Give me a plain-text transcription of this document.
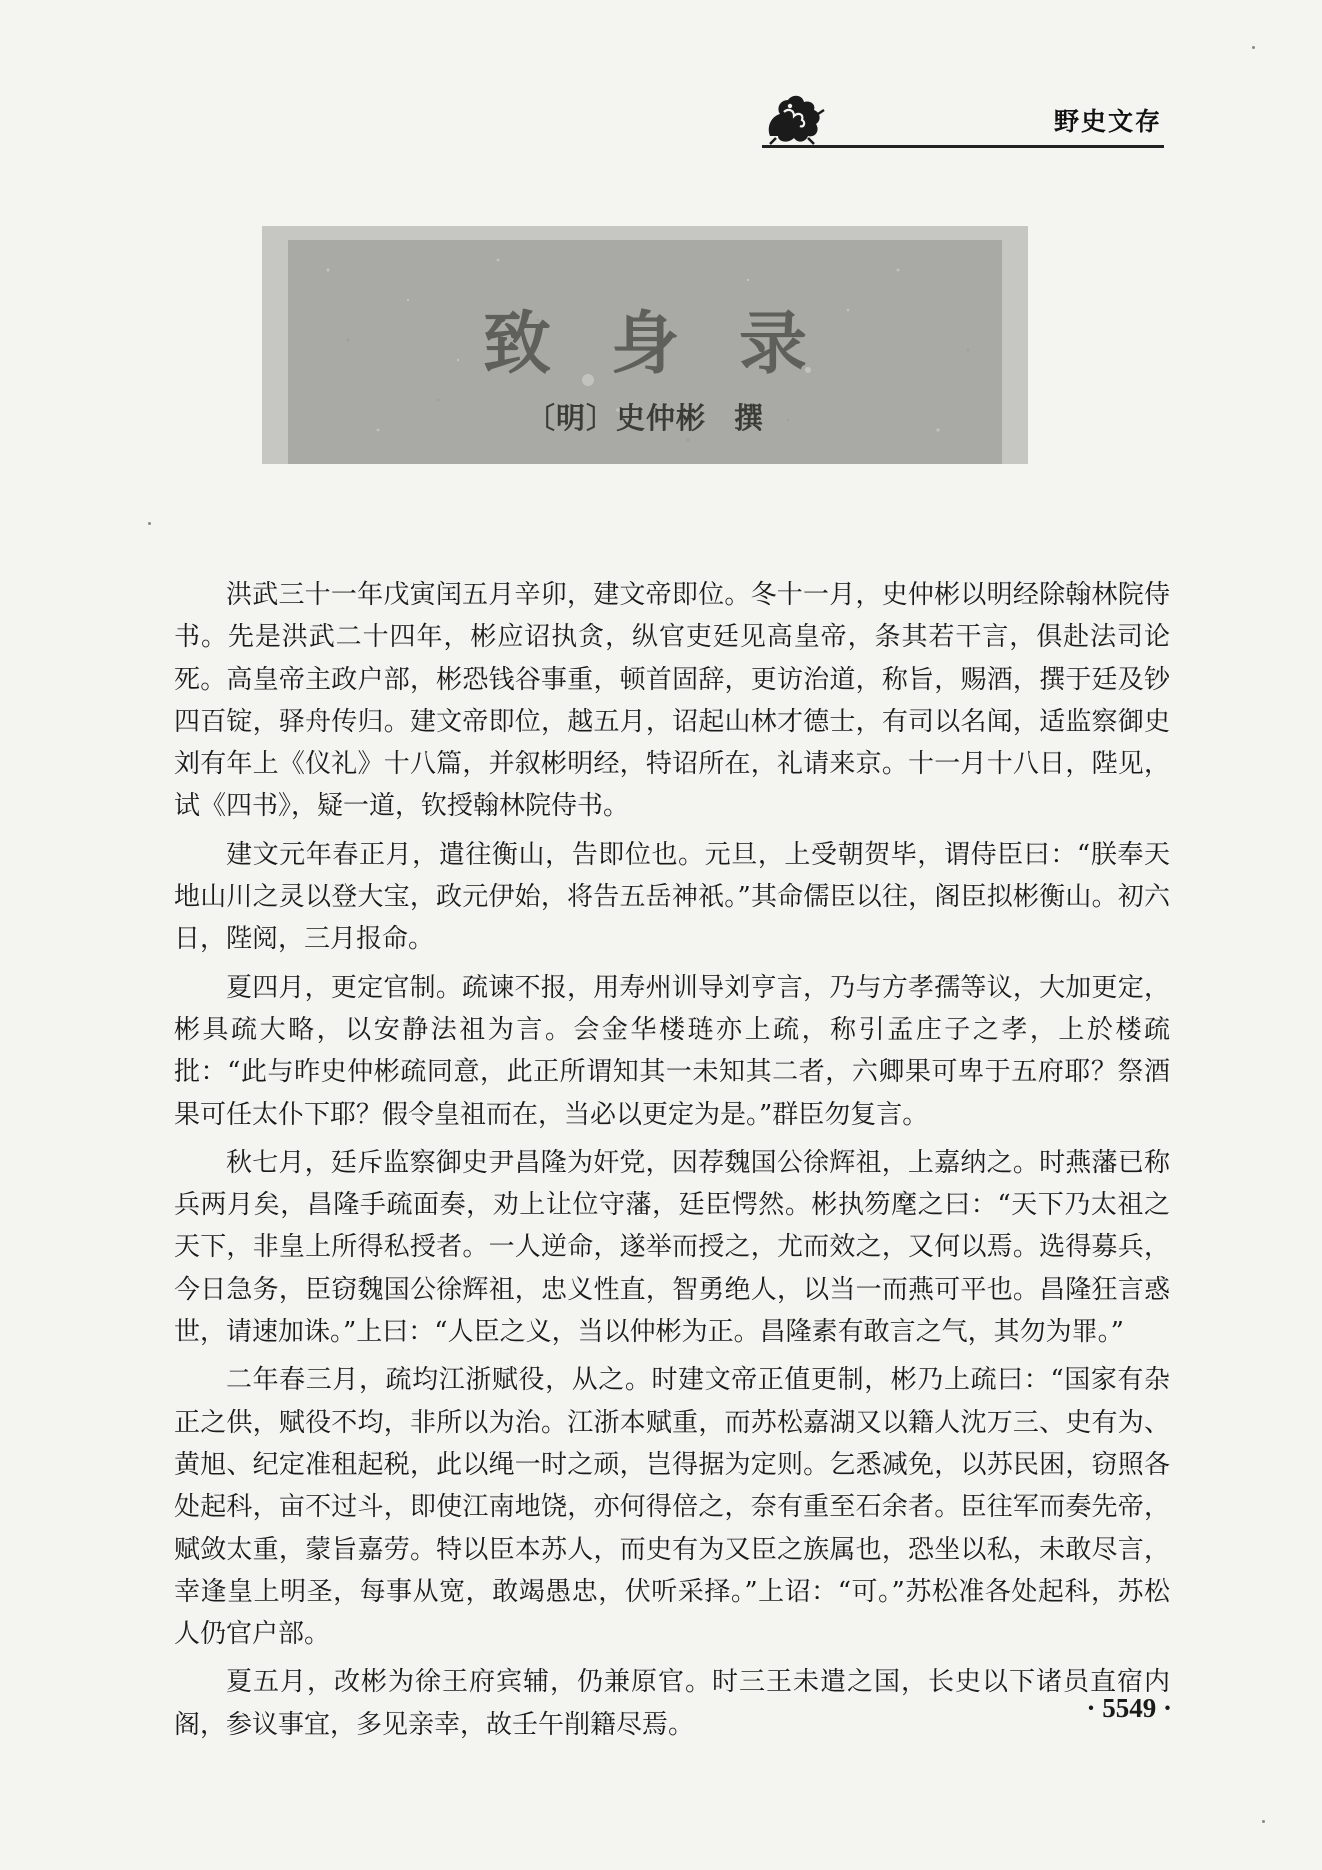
野史文存
致身录
〔明〕史仲彬 撰

洪武三十一年戊寅闰五月辛卯，建文帝即位。冬十一月，史仲彬以明经除翰林院侍书。先是洪武二十四年，彬应诏执贪，纵官吏廷见高皇帝，条其若干言，俱赴法司论死。高皇帝主政户部，彬恐钱谷事重，顿首固辞，更访治道，称旨，赐酒，撰于廷及钞四百锭，驿舟传归。建文帝即位，越五月，诏起山林才德士，有司以名闻，适监察御史刘有年上《仪礼》十八篇，并叙彬明经，特诏所在，礼请来京。十一月十八日，陛见，试《四书》，疑一道，钦授翰林院侍书。

建文元年春正月，遣往衡山，告即位也。元旦，上受朝贺毕，谓侍臣曰：“朕奉天地山川之灵以登大宝，政元伊始，将告五岳神祇。”其命儒臣以往，阁臣拟彬衡山。初六日，陛阅，三月报命。

夏四月，更定官制。疏谏不报，用寿州训导刘亨言，乃与方孝孺等议，大加更定，彬具疏大略，以安静法祖为言。会金华楼琏亦上疏，称引孟庄子之孝，上於楼疏批：“此与昨史仲彬疏同意，此正所谓知其一未知其二者，六卿果可卑于五府耶？祭酒果可任太仆下耶？假令皇祖而在，当必以更定为是。”群臣勿复言。

秋七月，廷斥监察御史尹昌隆为奸党，因荐魏国公徐辉祖，上嘉纳之。时燕藩已称兵两月矣，昌隆手疏面奏，劝上让位守藩，廷臣愕然。彬执笏麾之曰：“天下乃太祖之天下，非皇上所得私授者。一人逆命，遂举而授之，尤而效之，又何以焉。选得募兵，今日急务，臣窃魏国公徐辉祖，忠义性直，智勇绝人，以当一而燕可平也。昌隆狂言惑世，请速加诛。”上曰：“人臣之义，当以仲彬为正。昌隆素有敢言之气，其勿为罪。”

二年春三月，疏均江浙赋役，从之。时建文帝正值更制，彬乃上疏曰：“国家有杂正之供，赋役不均，非所以为治。江浙本赋重，而苏松嘉湖又以籍人沈万三、史有为、黄旭、纪定准租起税，此以绳一时之顽，岂得据为定则。乞悉减免，以苏民困，窃照各处起科，亩不过斗，即使江南地饶，亦何得倍之，奈有重至石余者。臣往军而奏先帝，赋敛太重，蒙旨嘉劳。特以臣本苏人，而史有为又臣之族属也，恐坐以私，未敢尽言，幸逢皇上明圣，每事从宽，敢竭愚忠，伏听采择。”上诏：“可。”苏松准各处起科，苏松人仍官户部。

夏五月，改彬为徐王府宾辅，仍兼原官。时三王未遣之国，长史以下诸员直宿内阁，参议事宜，多见亲幸，故壬午削籍尽焉。

· 5549 ·
